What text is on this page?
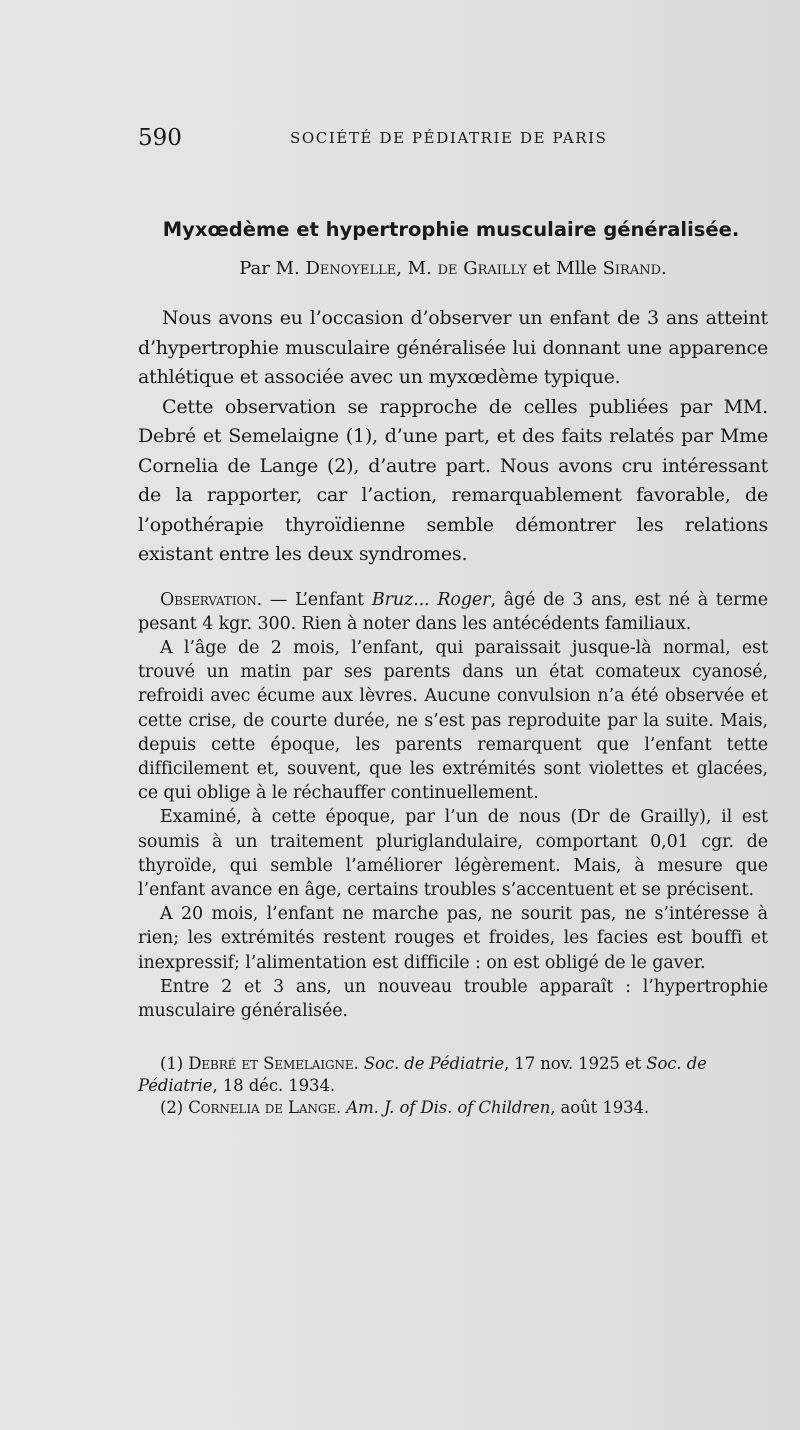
590	SOCIÉTÉ DE PÉDIATRIE DE PARIS
Myxœdème et hypertrophie musculaire généralisée.

Par M. Denoyelle, M. de Grailly et Mlle Sirand.

Nous avons eu l’occasion d’observer un enfant de 3 ans atteint d’hypertrophie musculaire généralisée lui donnant une apparence athlétique et associée avec un myxœdème typique.

Cette observation se rapproche de celles publiées par MM. Debré et Semelaigne (1), d’une part, et des faits relatés par Mme Cornelia de Lange (2), d’autre part. Nous avons cru intéressant de la rapporter, car l’action, remarquablement favorable, de l’opothérapie thyroïdienne semble démontrer les relations existant entre les deux syndromes.

Observation. — L’enfant Bruz... Roger, âgé de 3 ans, est né à terme pesant 4 kgr. 300. Rien à noter dans les antécédents familiaux.

A l’âge de 2 mois, l’enfant, qui paraissait jusque-là normal, est trouvé un matin par ses parents dans un état comateux cyanosé, refroidi avec écume aux lèvres. Aucune convulsion n’a été observée et cette crise, de courte durée, ne s’est pas reproduite par la suite. Mais, depuis cette époque, les parents remarquent que l’enfant tette difficilement et, souvent, que les extrémités sont violettes et glacées, ce qui oblige à le réchauffer continuellement.

Examiné, à cette époque, par l’un de nous (Dr de Grailly), il est soumis à un traitement pluriglandulaire, comportant 0,01 cgr. de thyroïde, qui semble l’améliorer légèrement. Mais, à mesure que l’enfant avance en âge, certains troubles s’accentuent et se précisent.

A 20 mois, l’enfant ne marche pas, ne sourit pas, ne s’intéresse à rien; les extrémités restent rouges et froides, les facies est bouffi et inexpressif; l’alimentation est difficile : on est obligé de le gaver.

Entre 2 et 3 ans, un nouveau trouble apparaît : l’hypertrophie musculaire généralisée.

(1) Debré et Semelaigne. Soc. de Pédiatrie, 17 nov. 1925 et Soc. de Pédiatrie, 18 déc. 1934.

(2) Cornelia de Lange. Am. J. of Dis. of Children, août 1934.
